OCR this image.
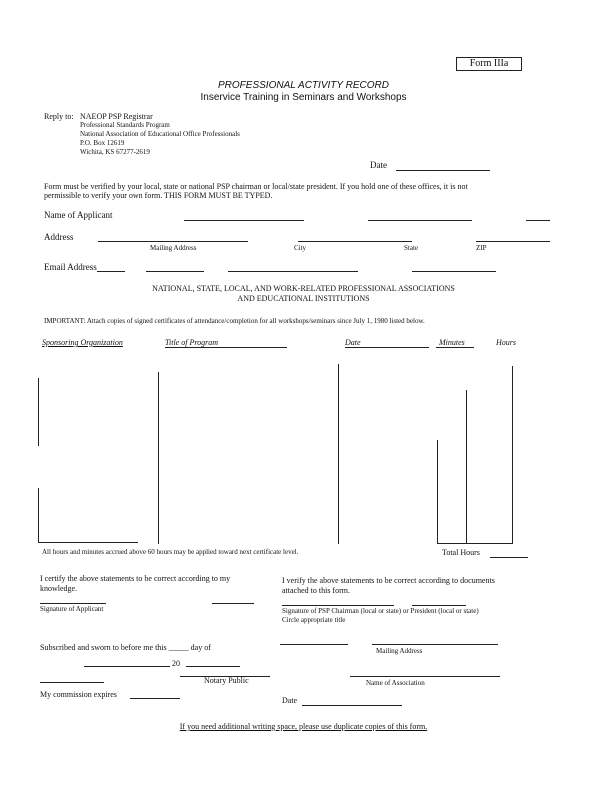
Form IIIa
PROFESSIONAL ACTIVITY RECORD
Inservice Training in Seminars and Workshops
Reply to: NAEOP PSP Registrar
Professional Standards Program
National Association of Educational Office Professionals
P.O. Box 12619
Wichita, KS 67277-2619
Date
Form must be verified by your local, state or national PSP chairman or local/state president. If you hold one of these offices, it is not
permissible to verify your own form. THIS FORM MUST BE TYPED.
Name of Applicant
Address
Mailing Address	City	State	ZIP
Email Address
NATIONAL, STATE, LOCAL, AND WORK-RELATED PROFESSIONAL ASSOCIATIONS
AND EDUCATIONAL INSTITUTIONS
IMPORTANT: Attach copies of signed certificates of attendance/completion for all workshops/seminars since July 1, 1980 listed below.
Sponsoring Organization	Title of Program	Date	Minutes	Hours
All hours and minutes accrued above 60 hours may be applied toward next certificate level.	Total Hours
I certify the above statements to be correct according to my
knowledge.
Signature of Applicant
I verify the above statements to be correct according to documents
attached to this form.
Signature of PSP Chairman (local or state) or President (local or state)
Circle appropriate title
Subscribed and sworn to before me this _____ day of
20
Mailing Address
Name of Association
Notary Public
My commission expires
Date
If you need additional writing space, please use duplicate copies of this form.
